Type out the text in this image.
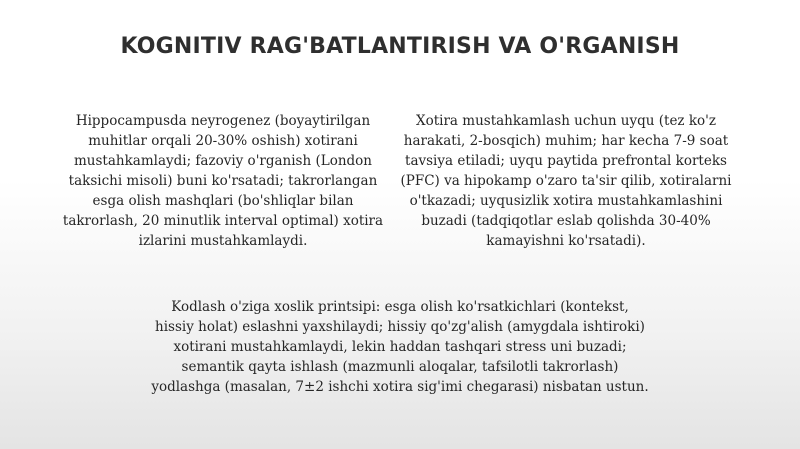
KOGNITIV RAG'BATLANTIRISH VA O'RGANISH
Hippocampusda neyrogenez (boyaytirilgan muhitlar orqali 20-30% oshish) xotirani mustahkamlaydi; fazoviy o'rganish (London taksichi misoli) buni ko'rsatadi; takrorlangan esga olish mashqlari (bo'shliqlar bilan takrorlash, 20 minutlik interval optimal) xotira izlarini mustahkamlaydi.
Xotira mustahkamlash uchun uyqu (tez ko'z harakati, 2-bosqich) muhim; har kecha 7-9 soat tavsiya etiladi; uyqu paytida prefrontal korteks (PFC) va hipokamp o'zaro ta'sir qilib, xotiralarni o'tkazadi; uyqusizlik xotira mustahkamlashini buzadi (tadqiqotlar eslab qolishda 30-40% kamayishni ko'rsatadi).
Kodlash o'ziga xoslik printsipi: esga olish ko'rsatkichlari (kontekst, hissiy holat) eslashni yaxshilaydi; hissiy qo'zg'alish (amygdala ishtiroki) xotirani mustahkamlaydi, lekin haddan tashqari stress uni buzadi; semantik qayta ishlash (mazmunli aloqalar, tafsilotli takrorlash) yodlashga (masalan, 7±2 ishchi xotira sig'imi chegarasi) nisbatan ustun.
